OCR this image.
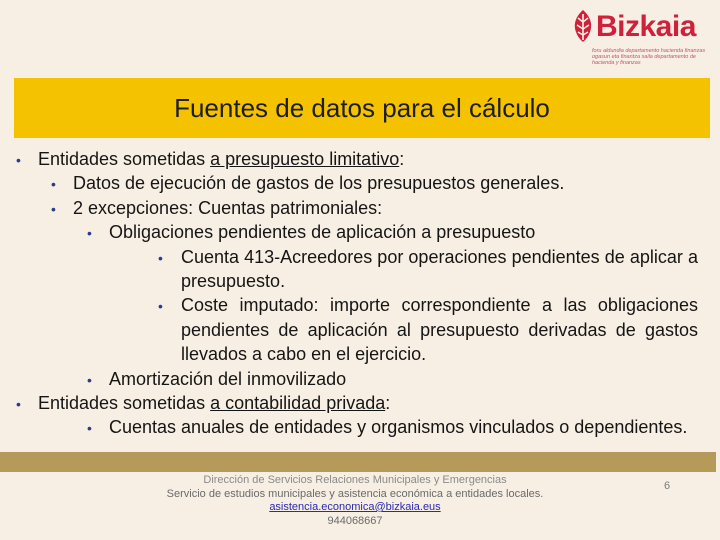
Bizkaia
foru aldundia departamento hacienda finanzas ogasun eta finantza saila departamento de hacienda y finanzas
Fuentes de datos para el cálculo
• Entidades sometidas a presupuesto limitativo:
• Datos de ejecución de gastos de los presupuestos generales.
• 2 excepciones: Cuentas patrimoniales:
• Obligaciones pendientes de aplicación a presupuesto
• Cuenta 413-Acreedores por operaciones pendientes de aplicar a presupuesto.
• Coste imputado: importe correspondiente a las obligaciones pendientes de aplicación al presupuesto derivadas de gastos llevados a cabo en el ejercicio.
• Amortización del inmovilizado
• Entidades sometidas a contabilidad privada:
• Cuentas anuales de entidades y organismos vinculados o dependientes.
Dirección de Servicios Relaciones Municipales y Emergencias
Servicio de estudios municipales y asistencia económica a entidades locales.
asistencia.economica@bizkaia.eus
944068667
6
